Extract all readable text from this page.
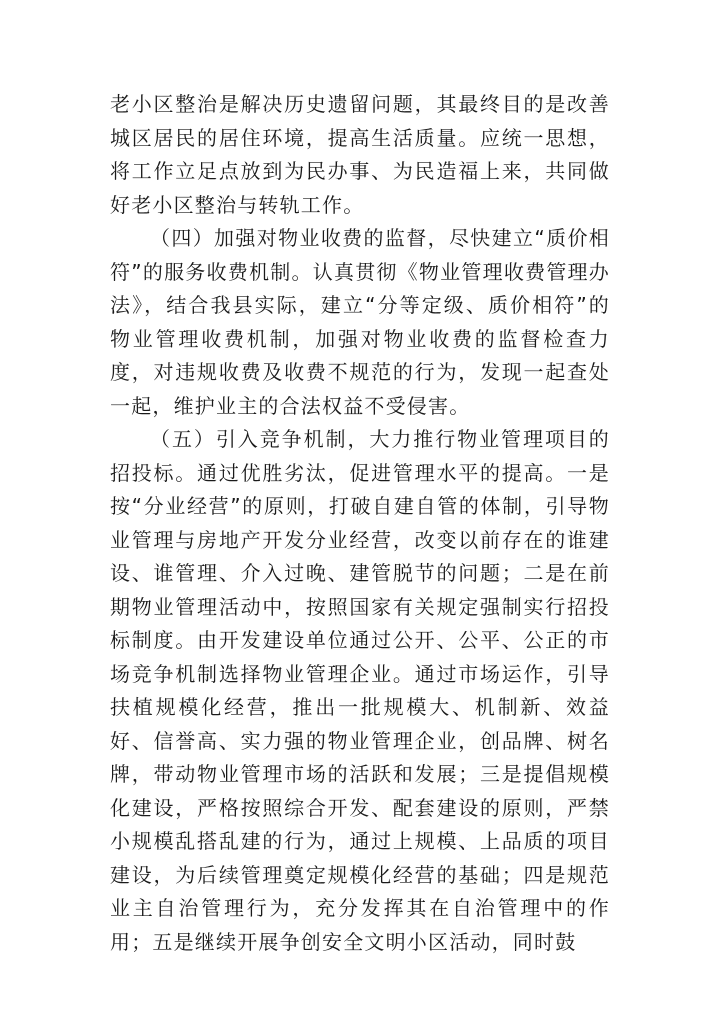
老小区整治是解决历史遗留问题，其最终目的是改善城区居民的居住环境，提高生活质量。应统一思想，将工作立足点放到为民办事、为民造福上来，共同做好老小区整治与转轨工作。

（四）加强对物业收费的监督，尽快建立“质价相符”的服务收费机制。认真贯彻《物业管理收费管理办法》，结合我县实际，建立“分等定级、质价相符”的物业管理收费机制，加强对物业收费的监督检查力度，对违规收费及收费不规范的行为，发现一起查处一起，维护业主的合法权益不受侵害。

（五）引入竞争机制，大力推行物业管理项目的招投标。通过优胜劣汰，促进管理水平的提高。一是按“分业经营”的原则，打破自建自管的体制，引导物业管理与房地产开发分业经营，改变以前存在的谁建设、谁管理、介入过晚、建管脱节的问题；二是在前期物业管理活动中，按照国家有关规定强制实行招投标制度。由开发建设单位通过公开、公平、公正的市场竞争机制选择物业管理企业。通过市场运作，引导扶植规模化经营，推出一批规模大、机制新、效益好、信誉高、实力强的物业管理企业，创品牌、树名牌，带动物业管理市场的活跃和发展；三是提倡规模化建设，严格按照综合开发、配套建设的原则，严禁小规模乱搭乱建的行为，通过上规模、上品质的项目建设，为后续管理奠定规模化经营的基础；四是规范业主自治管理行为，充分发挥其在自治管理中的作用；五是继续开展争创安全文明小区活动，同时鼓
